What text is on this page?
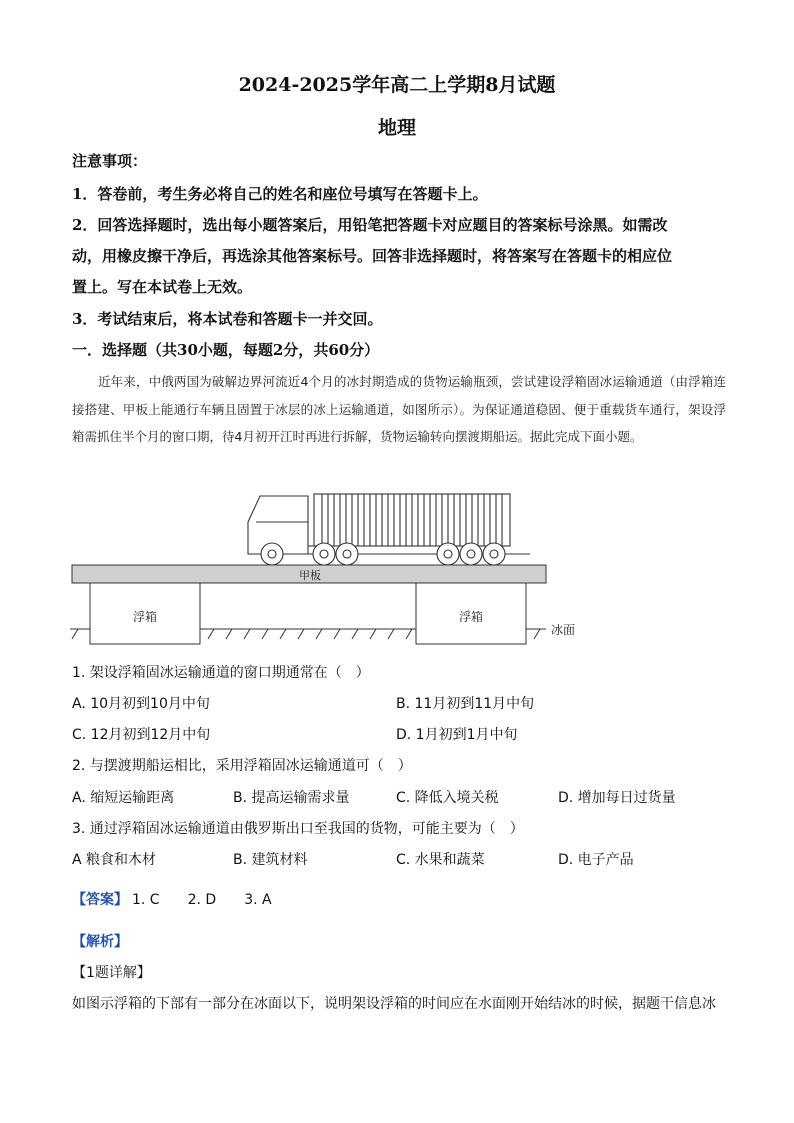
2024-2025学年高二上学期8月试题
地理
注意事项：
1．答卷前，考生务必将自己的姓名和座位号填写在答题卡上。
2．回答选择题时，选出每小题答案后，用铅笔把答题卡对应题目的答案标号涂黑。如需改
动，用橡皮擦干净后，再选涂其他答案标号。回答非选择题时，将答案写在答题卡的相应位
置上。写在本试卷上无效。
3．考试结束后，将本试卷和答题卡一并交回。
一．选择题（共30小题，每题2分，共60分）
近年来，中俄两国为破解边界河流近4个月的冰封期造成的货物运输瓶颈，尝试建设浮箱固冰运输通道（由浮箱连接搭建、甲板上能通行车辆且固置于冰层的冰上运输通道，如图所示）。为保证通道稳固、便于重载货车通行，架设浮箱需抓住半个月的窗口期，待4月初开江时再进行拆解，货物运输转向摆渡期船运。据此完成下面小题。
甲板
浮箱	浮箱
冰面
1. 架设浮箱固冰运输通道的窗口期通常在（　）
A. 10月初到10月中旬	B. 11月初到11月中旬
C. 12月初到12月中旬	D. 1月初到1月中旬
2. 与摆渡期船运相比，采用浮箱固冰运输通道可（　）
A. 缩短运输距离	B. 提高运输需求量	C. 降低入境关税	D. 增加每日过货量
3. 通过浮箱固冰运输通道由俄罗斯出口至我国的货物，可能主要为（　）
A 粮食和木材	B. 建筑材料	C. 水果和蔬菜	D. 电子产品
【答案】 1. C 2. D 3. A
【解析】
【1题详解】
如图示浮箱的下部有一部分在冰面以下，说明架设浮箱的时间应在水面刚开始结冰的时候，据题干信息冰
